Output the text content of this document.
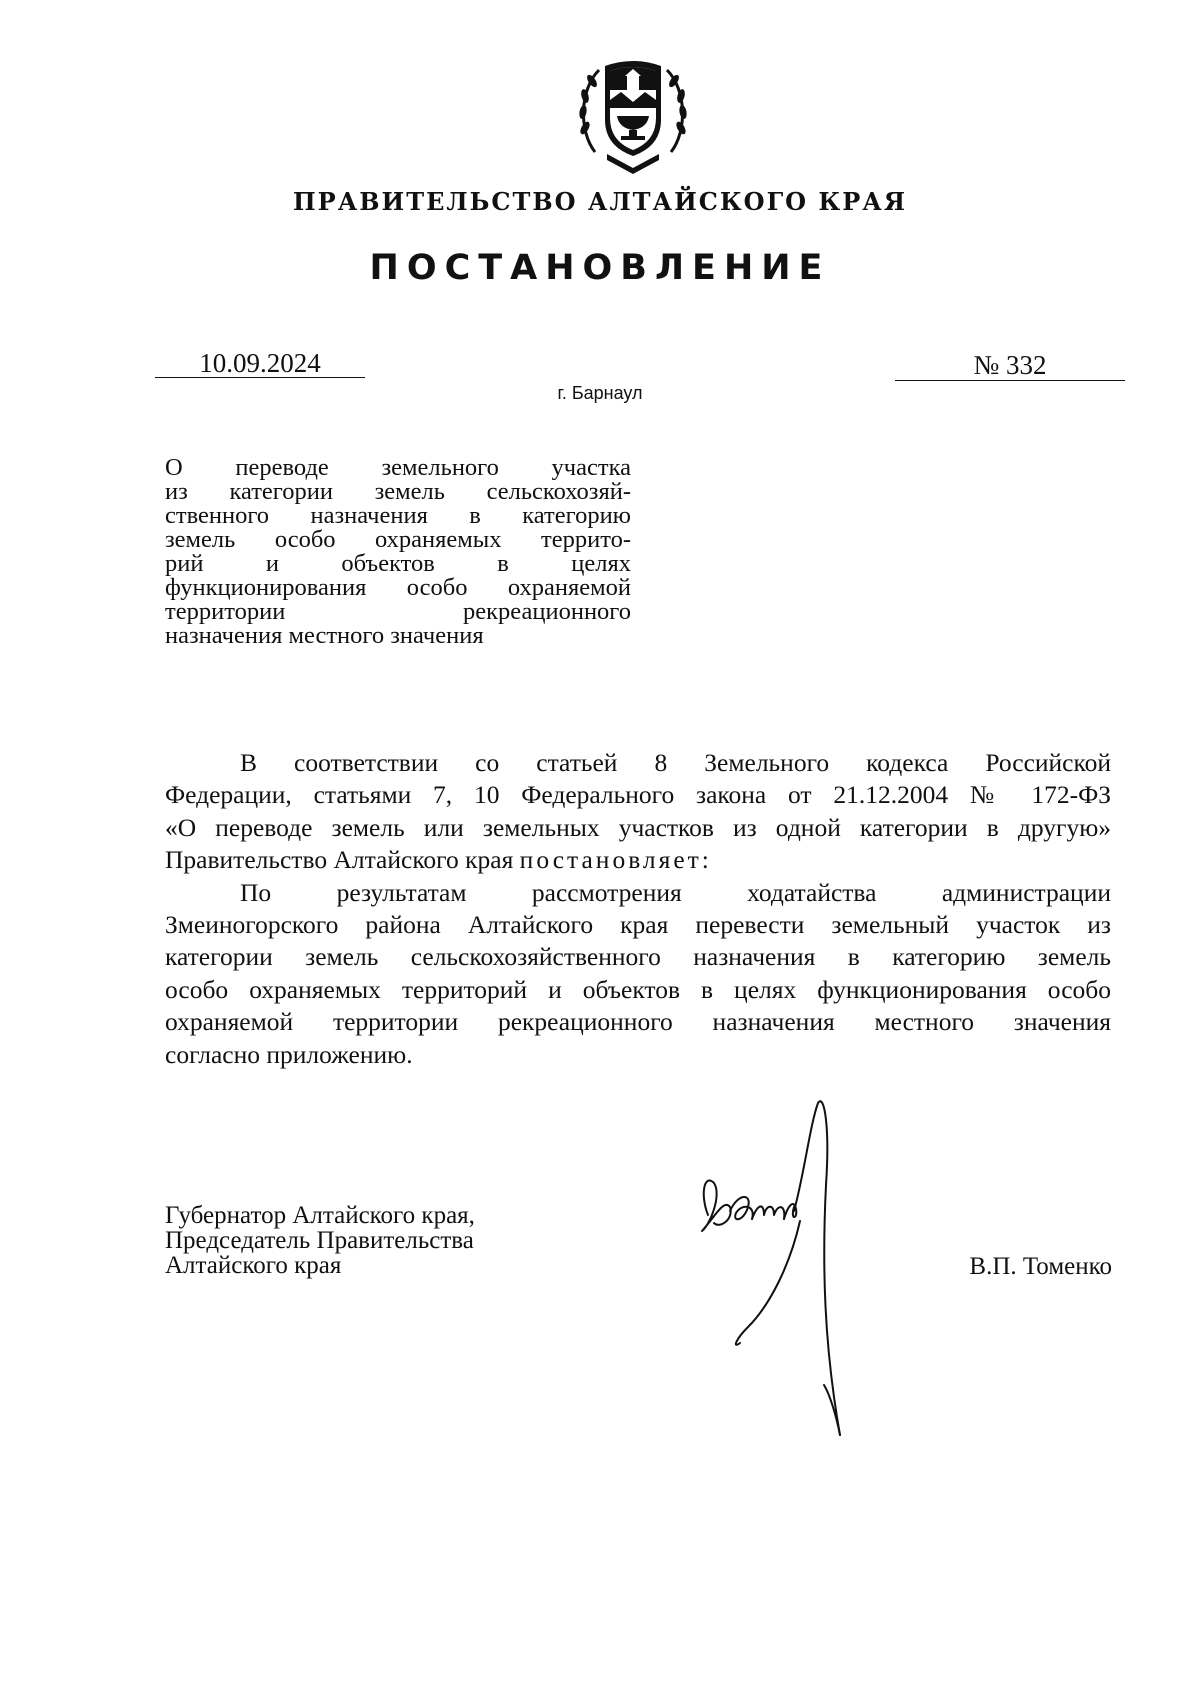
ПРАВИТЕЛЬСТВО АЛТАЙСКОГО КРАЯ
ПОСТАНОВЛЕНИЕ
10.09.2024	№ 332
г. Барнаул
О переводе земельного участка
из категории земель сельскохозяй-
ственного назначения в категорию
земель особо охраняемых террито-
рий и объектов в целях
функционирования особо охраняемой
территории рекреационного
назначения местного значения
В соответствии со статьей 8 Земельного кодекса Российской
Федерации, статьями 7, 10 Федерального закона от 21.12.2004 № 172-ФЗ
«О переводе земель или земельных участков из одной категории в другую»
Правительство Алтайского края постановляет:
По результатам рассмотрения ходатайства администрации
Змеиногорского района Алтайского края перевести земельный участок из
категории земель сельскохозяйственного назначения в категорию земель
особо охраняемых территорий и объектов в целях функционирования особо
охраняемой территории рекреационного назначения местного значения
согласно приложению.
Губернатор Алтайского края,
Председатель Правительства
Алтайского края	В.П. Томенко
